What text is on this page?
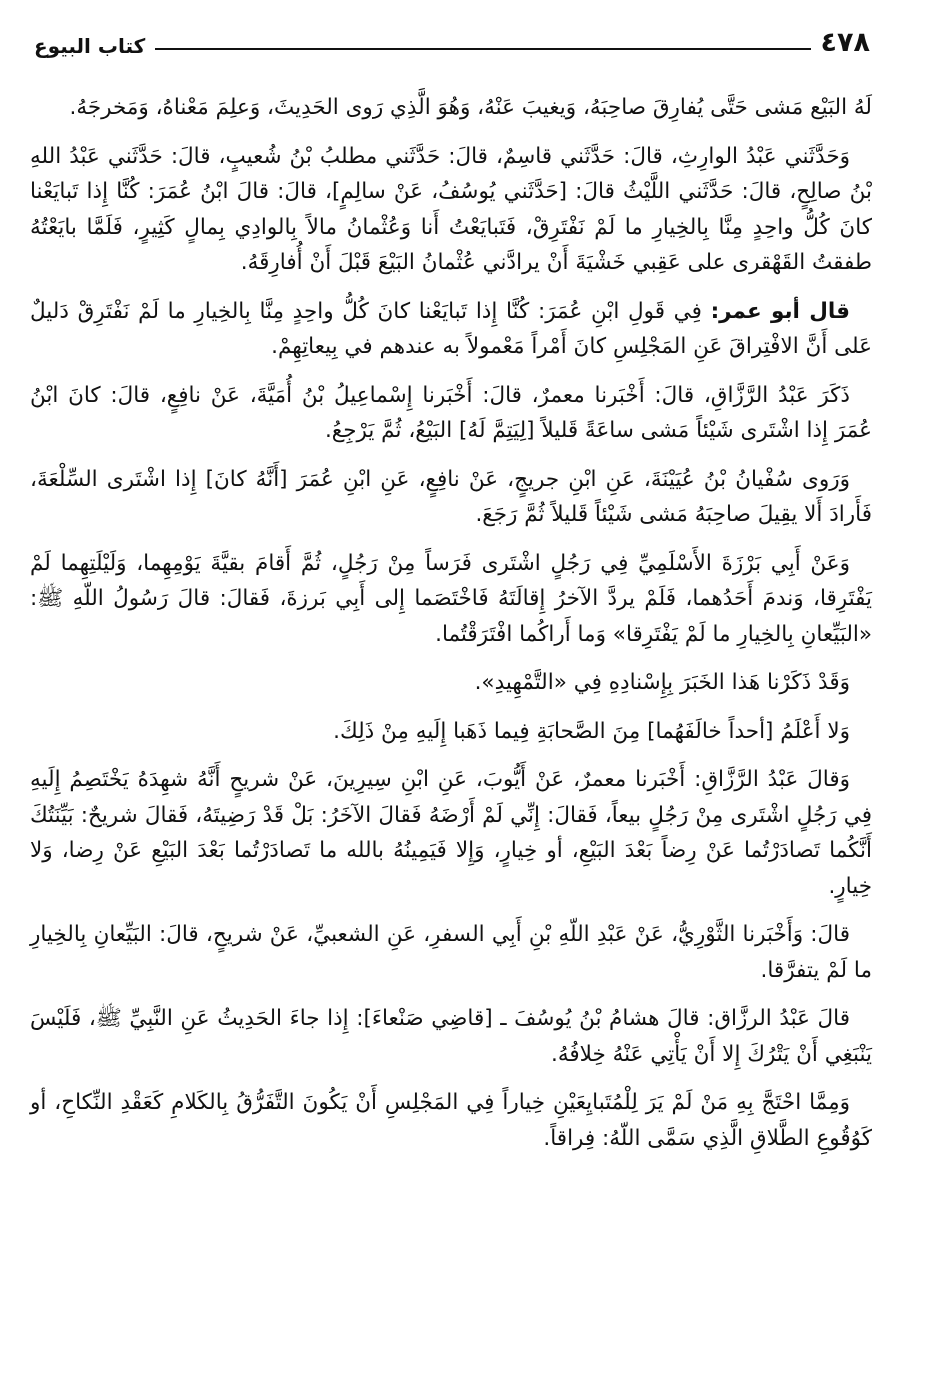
٤٧٨
كتاب البيوع

لَهُ البَيْع مَشى حَتَّى يُفارِقَ صاحِبَهُ، وَيغيبَ عَنْهُ، وَهُوَ الَّذِي رَوى الحَدِيثَ، وَعلِمَ مَعْناهُ، وَمَخرجَهُ.

وَحَدَّثَني عَبْدُ الوارِثِ، قالَ: حَدَّثَني قاسِمٌ، قالَ: حَدَّثَني مطلبُ بْنُ شُعيبٍ، قالَ: حَدَّثَني عَبْدُ اللهِ بْنُ صالِحٍ، قالَ: حَدَّثَني اللَّيْثُ قالَ: [حَدَّثَني يُوسُفُ، عَنْ سالِمٍ]، قالَ: قالَ ابْنُ عُمَرَ: كُنَّا إِذا تَبايَعْنا كانَ كُلُّ واحِدٍ مِنَّا بِالخِيارِ ما لَمْ نَفْتَرِقْ، فَتَبايَعْتُ أَنا وَعُثْمانُ مالاً بِالوادِي بِمالٍ كَثِيرٍ، فَلَمَّا بايَعْتُهُ طفقتُ القَهْقرى على عَقِبي خَشْيَةَ أَنْ يرادَّني عُثْمانُ البَيْعَ قَبْلَ أَنْ أُفارِقَهُ.

قال أبو عمر: فِي قَولِ ابْنِ عُمَرَ: كُنَّا إِذا تَبايَعْنا كانَ كُلُّ واحِدٍ مِنَّا بِالخِيارِ ما لَمْ نَفْتَرِقْ دَليلٌ عَلى أَنَّ الافْتِراقَ عَنِ المَجْلِسِ كانَ أَمْراً مَعْمولاً به عندهم في بِيعاتِهِمْ.

ذَكَرَ عَبْدُ الرَّزَّاقِ، قالَ: أَخْبَرنا معمرٌ، قالَ: أَخْبَرنا إِسْماعِيلُ بْنُ أُمَيَّةَ، عَنْ نافِعٍ، قالَ: كانَ ابْنُ عُمَرَ إِذا اشْتَرى شَيْئاً مَشى ساعَةً قَليلاً [لِيَتِمَّ لَهُ] البَيْعُ، ثُمَّ يَرْجِعُ.

وَرَوى سُفْيانُ بْنُ عُيَيْنَةَ، عَنِ ابْنِ جريجٍ، عَنْ نافِعٍ، عَنِ ابْنِ عُمَرَ [أَنَّهُ كانَ] إِذا اشْتَرى السِّلْعَةَ، فَأَرادَ أَلا يقِيلَ صاحِبَهُ مَشى شَيْئاً قَليلاً ثُمَّ رَجَعَ.

وَعَنْ أَبِي بَرْزَةَ الأَسْلَمِيِّ فِي رَجُلٍ اشْتَرى فَرَساً مِنْ رَجُلٍ، ثُمَّ أَقامَ بقيَّةَ يَوْمِهِما، وَلَيْلَتِهِما لَمْ يَفْتَرِقا، وَندمَ أَحَدُهما، فَلَمْ يردَّ الآخرُ إِقالَتَهُ فَاخْتَصَما إِلى أَبِي بَرزةَ، فَقالَ: قالَ رَسُولُ اللّهِ ﷺ: «البَيِّعانِ بِالخِيارِ ما لَمْ يَفْتَرِقا» وَما أَراكُما افْتَرَقْتُما.

وَقَدْ ذَكَرْنا هَذا الخَبَرَ بِإِسْنادِهِ فِي «التَّمْهِيدِ».

وَلا أَعْلَمُ [أحداً خالَفَهُما] مِنَ الصَّحابَةِ فِيما ذَهَبا إِلَيهِ مِنْ ذَلِكَ.

وَقالَ عَبْدُ الرَّزَّاقِ: أَخْبَرنا معمرٌ، عَنْ أَيُّوبَ، عَنِ ابْنِ سِيرِينَ، عَنْ شريحٍ أَنَّهُ شهِدَهُ يَخْتَصِمُ إِلَيهِ فِي رَجُلٍ اشْتَرى مِنْ رَجُلٍ بيعاً، فَقالَ: إِنِّي لَمْ أَرْضَهُ فَقالَ الآخَرُ: بَلْ قَدْ رَضِيتَهُ، فَقالَ شريحٌ: بَيِّنَتُكَ أَنَّكُما تَصادَرْتُما عَنْ رِضاً بَعْدَ البَيْعِ، أو خِيارٍ، وَإِلا فَيَمِينُهُ بالله ما تَصادَرْتُما بَعْدَ البَيْعِ عَنْ رِضا، وَلا خِيارٍ.

قالَ: وَأَخْبَرنا الثَّوْرِيُّ، عَنْ عَبْدِ اللّهِ بْنِ أَبِي السفرِ، عَنِ الشعبيِّ، عَنْ شريحٍ، قالَ: البَيِّعانِ بِالخِيارِ ما لَمْ يتفرَّقا.

قالَ عَبْدُ الرزَّاق: قالَ هشامُ بْنُ يُوسُفَ ـ [قاضِي صَنْعاءَ]: إِذا جاءَ الحَدِيثُ عَنِ النَّبِيِّ ﷺ، فَلَيْسَ يَنْبَغِي أَنْ يَتْرُكَ إِلا أَنْ يَأْتِي عَنْهُ خِلافُهُ.

وَمِمَّا احْتَجَّ بِهِ مَنْ لَمْ يَرَ لِلْمُتَبايِعَيْنِ خِياراً فِي المَجْلِسِ أَنْ يَكُونَ التَّفَرُّقُ بِالكَلامِ كَعَقْدِ النِّكاحِ، أو كَوُقُوعِ الطَّلاقِ الَّذِي سَمَّى اللّهُ: فِراقاً.
